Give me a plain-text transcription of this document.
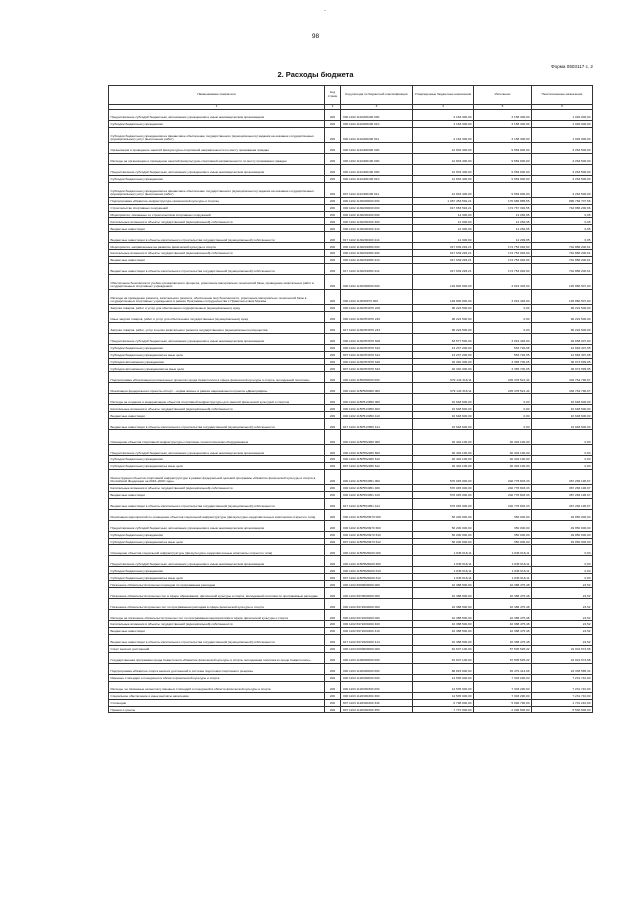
.
98
Форма 0503117 с. 2
2. Расходы бюджета
Наименование показателя	Код строки	Код расхода по бюджетной классификации	Утвержденные бюджетные назначения	Исполнено	Неисполненные назначения
1	2	3	4	5	6
Предоставление субсидий бюджетным, автономным учреждениям и иным некоммерческим организациям	200	000 1102 1110200200 600	4 184 300,00	3 158 300,00	1 026 000,00
Субсидии бюджетным учреждениям	200	000 1102 1110200200 610	4 184 300,00	3 158 300,00	1 026 000,00
Субсидии бюджетным учреждениям на финансовое обеспечение государственного (муниципального) задания на оказание государственных (муниципальных) услуг (выполнение работ)	200	000 1102 1110200200 611	4 184 300,00	3 158 300,00	1 026 000,00
Организация и проведение занятий физкультурно-спортивной направленности по месту проживания граждан	200	000 1102 1110400000 000	12 833 400,00	9 569 900,00	3 263 500,00
Расходы на организацию и проведение занятий физкультурно-спортивной направленности по месту проживания граждан	200	000 1102 1110406100 000	12 833 400,00	9 569 900,00	3 263 500,00
Предоставление субсидий бюджетным, автономным учреждениям и иным некоммерческим организациям	200	000 1102 1110406100 600	12 833 400,00	9 569 900,00	3 263 500,00
Субсидии бюджетным учреждениям	200	000 1102 1110406100 610	12 833 400,00	9 569 900,00	3 263 500,00
Субсидии бюджетным учреждениям на финансовое обеспечение государственного (муниципального) задания на оказание государственных (муниципальных) услуг (выполнение работ)	200	807 1102 1110406100 611	12 833 400,00	9 569 900,00	3 263 500,00
Подпрограмма «Развитие инфраструктуры физической культуры и спорта»	200	000 1102 1130000000 000	1 067 453 592,21	176 686 885,55	890 766 707,66
Строительство спортивных сооружений	200	000 1102 1130200000 000	917 653 593,21	174 767 392,55	742 886 200,66
Мероприятия, связанные со строительством спортивных сооружений	200	000 1102 1130200400 000	14 300,00	14 266,95	0,05
Капитальные вложения в объекты государственной (муниципальной) собственности	200	000 1102 1130200400 400	14 300,00	14 266,95	0,05
Бюджетные инвестиции	200	000 1102 1130200400 410	14 300,00	14 266,95	0,05
Бюджетные инвестиции в объекты капитального строительства государственной (муниципальной) собственности	200	817 1102 1130200400 414	14 300,00	14 299,95	0,05
Мероприятия, направленные на развитие физической культуры и спорта	200	000 1102 1130201880 000	917 639 293,21	174 753 092,60	742 886 200,61
Капитальные вложения в объекты государственной (муниципальной) собственности	200	000 1102 1130201880 400	917 639 293,21	174 753 092,60	742 886 200,61
Бюджетные инвестиции	200	000 1102 1130201880 410	917 639 293,21	174 753 092,60	742 886 200,61
Бюджетные инвестиции в объекты капитального строительства государственной (муниципальной) собственности	200	817 1102 1130201880 414	917 639 293,21	174 753 092,60	742 886 200,61
Обеспечение безопасности учебно-тренировочного процесса, укрепление материально-технической базы, проведение капитальных работ в государственных спортивных учреждениях	200	000 1102 1130300000 000	149 800 000,00	3 919 403,00	145 880 507,00
Расходы на проведение ремонта, капитального ремонта, обеспечение мер безопасности, укрепление материально-технической базы в государственных спортивных учреждениях в рамках Программы сотрудничества с Правительством Москвы	200	000 1102 1130З0970 000	149 800 000,00	3 919 493,00	145 880 507,00
Закупка товаров, работ и услуг для обеспечения государственных (муниципальных) нужд	200	000 1102 11303Н3970 200	96 222 500,00	0,00	96 222 500,00
Иные закупки товаров, работ и услуг для обеспечения государственных (муниципальных) нужд	200	000 1102 11303Н3970 240	96 222 500,00	0,00	96 222 500,00
Закупка товаров, работ, услуг в целях капитального ремонта государственного (муниципального) имущества	200	817 1102 11303Н3970 243	96 222 500,00	0,00	96 222 500,00
Предоставление субсидий бюджетным, автономным учреждениям и иным некоммерческим организациям	200	000 1102 11303Н3970 600	53 577 500,00	3 919 493,00	49 658 007,00
Субсидии бюджетным учреждениям	200	000 1102 11303Н3970 610	13 237 200,00	553 792,95	12 683 407,05
Субсидии бюджетным учреждениям на иные цели	200	807 1102 11303Н3970 612	13 237 200,00	553 792,95	12 683 407,05
Субсидии автономным учреждениям	200	000 1102 11303Н3970 620	40 340 300,00	3 365 700,05	36 974 599,95
Субсидии автономным учреждениям на иные цели	200	807 1102 11303Н3970 622	40 340 300,00	3 365 700,05	36 974 599,95
Подпрограмма «Реализация региональных проектов города Севастополя в сфере физической культуры и спорта, молодежной политики»	200	000 1102 1150000000 000	679 143 318,11	245 378 521,44	433 764 796,67
Реализация федерального проекта «Спорт – норма жизни» в рамках национального проекта «Демография»	200	000 1102 115Р500000 000	679 143 318,11	245 378 521,44	433 764 796,67
Расходы на создание и модернизацию объектов спортивной инфраструктуры для занятий физической культурой и спортом	200	000 1102 115Р513950 000	16 648 600,00	0,00	16 648 600,00
Капитальные вложения в объекты государственной (муниципальной) собственности	200	000 1102 115Р513950 400	16 648 600,00	0,00	16 648 600,00
Бюджетные инвестиции	200	000 1102 115Р513950 410	16 648 600,00	0,00	16 648 600,00
Бюджетные инвестиции в объекты капитального строительства государственной (муниципальной) собственности	200	817 1102 115Р513950 414	16 648 600,00	0,00	16 848 600,00
Оснащение объектов спортивной инфраструктуры спортивно-технологическим оборудованием	200	000 1102 115Р552280 000	40 404 100,00	40 404 100,00	0,00
Предоставление субсидий бюджетным, автономным учреждениям и иным некоммерческим организациям	200	000 1102 115Р552280 600	40 404 100,00	40 404 100,00	0,00
Субсидии бюджетным учреждениям	200	000 1102 115Р552280 610	40 404 100,00	40 404 100,00	0,00
Субсидии бюджетным учреждениям на иные цели	200	807 1102 115Р552280 612	40 404 100,00	40 404 100,00	0,00
Реконструкция объектов спортивной инфраструктуры в рамках федеральной целевой программы «Развитие физической культуры и спорта в Российской Федерации на 2016–2020 годы»	200	000 1102 115Р554951 000	570 045 000,00	202 778 803,33	367 266 196,67
Капитальные вложения в объекты государственной (муниципальной) собственности	200	000 1102 115Р554951 400	570 045 000,00	202 778 803,33	367 266 196,67
Бюджетные инвестиции	200	000 1102 115Р554951 410	570 045 000,00	202 778 803,33	367 266 196,67
Бюджетные инвестиции в объекты капитального строительства государственной (муниципальной) собственности	200	817 1102 115Р554951 414	570 045 000,00	202 778 803,33	367 266 196,67
Реализация мероприятий по оснащению объектов социальной инфраструктуры (физкультурно-оздоровительных комплексов открытого типа)	200	000 1102 115Р5М3970 000	50 200 000,00	350 000,00	49 850 000,00
Предоставление субсидий бюджетным, автономным учреждениям и иным некоммерческим организациям	200	000 1102 115Р5М3970 600	50 200 000,00	350 000,00	49 850 000,00
Субсидии бюджетным учреждениям	200	000 1102 115Р5М3970 610	50 200 000,00	350 000,00	49 850 000,00
Субсидии бюджетным учреждениям на иные цели	200	807 1102 115Р5М3970 612	50 200 000,00	350 000,00	49 850 000,00
Оснащение объектов социальной инфраструктуры (физкультурно-оздоровительные комплексы открытого типа)	200	000 1102 115Р5М8100 000	1 845 618,11	1 845 618,11	0,00
Предоставление субсидий бюджетным, автономным учреждениям и иным некоммерческим организациям	200	000 1102 115Р5М8100 600	1 845 618,11	1 845 618,11	0,00
Субсидии бюджетным учреждениям	200	000 1102 115Р5М8100 610	1 845 618,11	1 845 618,11	0,00
Субсидии бюджетным учреждениям на иные цели	200	807 1102 115Р5М8100 612	1 845 618,11	1 845 618,11	0,00
Погашение обязательств прошлых периодов по программным расходам	200	000 1102 6900000000 000	10 388 500,00	10 388 475,48	24,52
Погашение обязательств прошлых лет в сфере образования, физической культуры и спорта, молодежной политики по программным расходам	200	000 1102 6970000000 000	10 388 500,00	10 388 475,48	24,52
Погашение обязательств прошлых лет по программным расходам в сфере физической культуры и спорта	200	000 1102 6972200000 000	10 388 500,00	10 388 475,48	24,52
Расходы на погашение обязательств прошлых лет по программным мероприятиям в сфере физической культуры и спорта	200	000 1102 6972200200 000	10 388 500,00	10 388 475,48	24,52
Капитальные вложения в объекты государственной (муниципальной) собственности	200	000 1102 6972200200 400	10 388 500,00	10 388 475,48	24,52
Бюджетные инвестиции	200	000 1102 6972200200 410	10 388 500,00	10 388 475,48	24,52
Бюджетные инвестиции в объекты капитального строительства государственной (муниципальной) собственности	200	817 1102 6972200200 414	10 388 500,00	10 388 475,48	24,52
Спорт высших достижений	200	000 1103 0000000000 000	81 607 100,00	57 505 525,32	24 001 574,68
Государственная программа города Севастополя «Развитие физической культуры и спорта, молодежная политика в городе Севастополе»	200	000 1103 1100000000 000	81 607 100,00	57 505 525,32	24 001 574,68
Подпрограмма «Развитие спорта высших достижений и системы подготовки спортивного резерва»	200	000 1103 1120000000 000	68 815 000,00	45 479 414,66	23 335 585,34
Именные стипендии и поощрения в области физической культуры и спорта	200	000 1103 1120300000 000	14 535 000,00	7 303 290,00	7 231 710,00
Расходы, не связанные на выплату именных стипендий и поощрений в области физической культуры и спорта	200	000 1103 1120300300 000	14 535 000,00	7 303 290,00	7 231 710,00
Социальное обеспечение и иные выплаты населению	200	000 1103 1120300300 300	14 535 000,00	7 303 290,00	7 231 710,00
Стипендии	200	807 1103 1120300300 340	6 798 000,00	5 096 790,00	1 701 210,00
Премии и гранты	200	807 1103 1120300300 350	7 737 000,00	2 206 500,00	5 530 500,00
